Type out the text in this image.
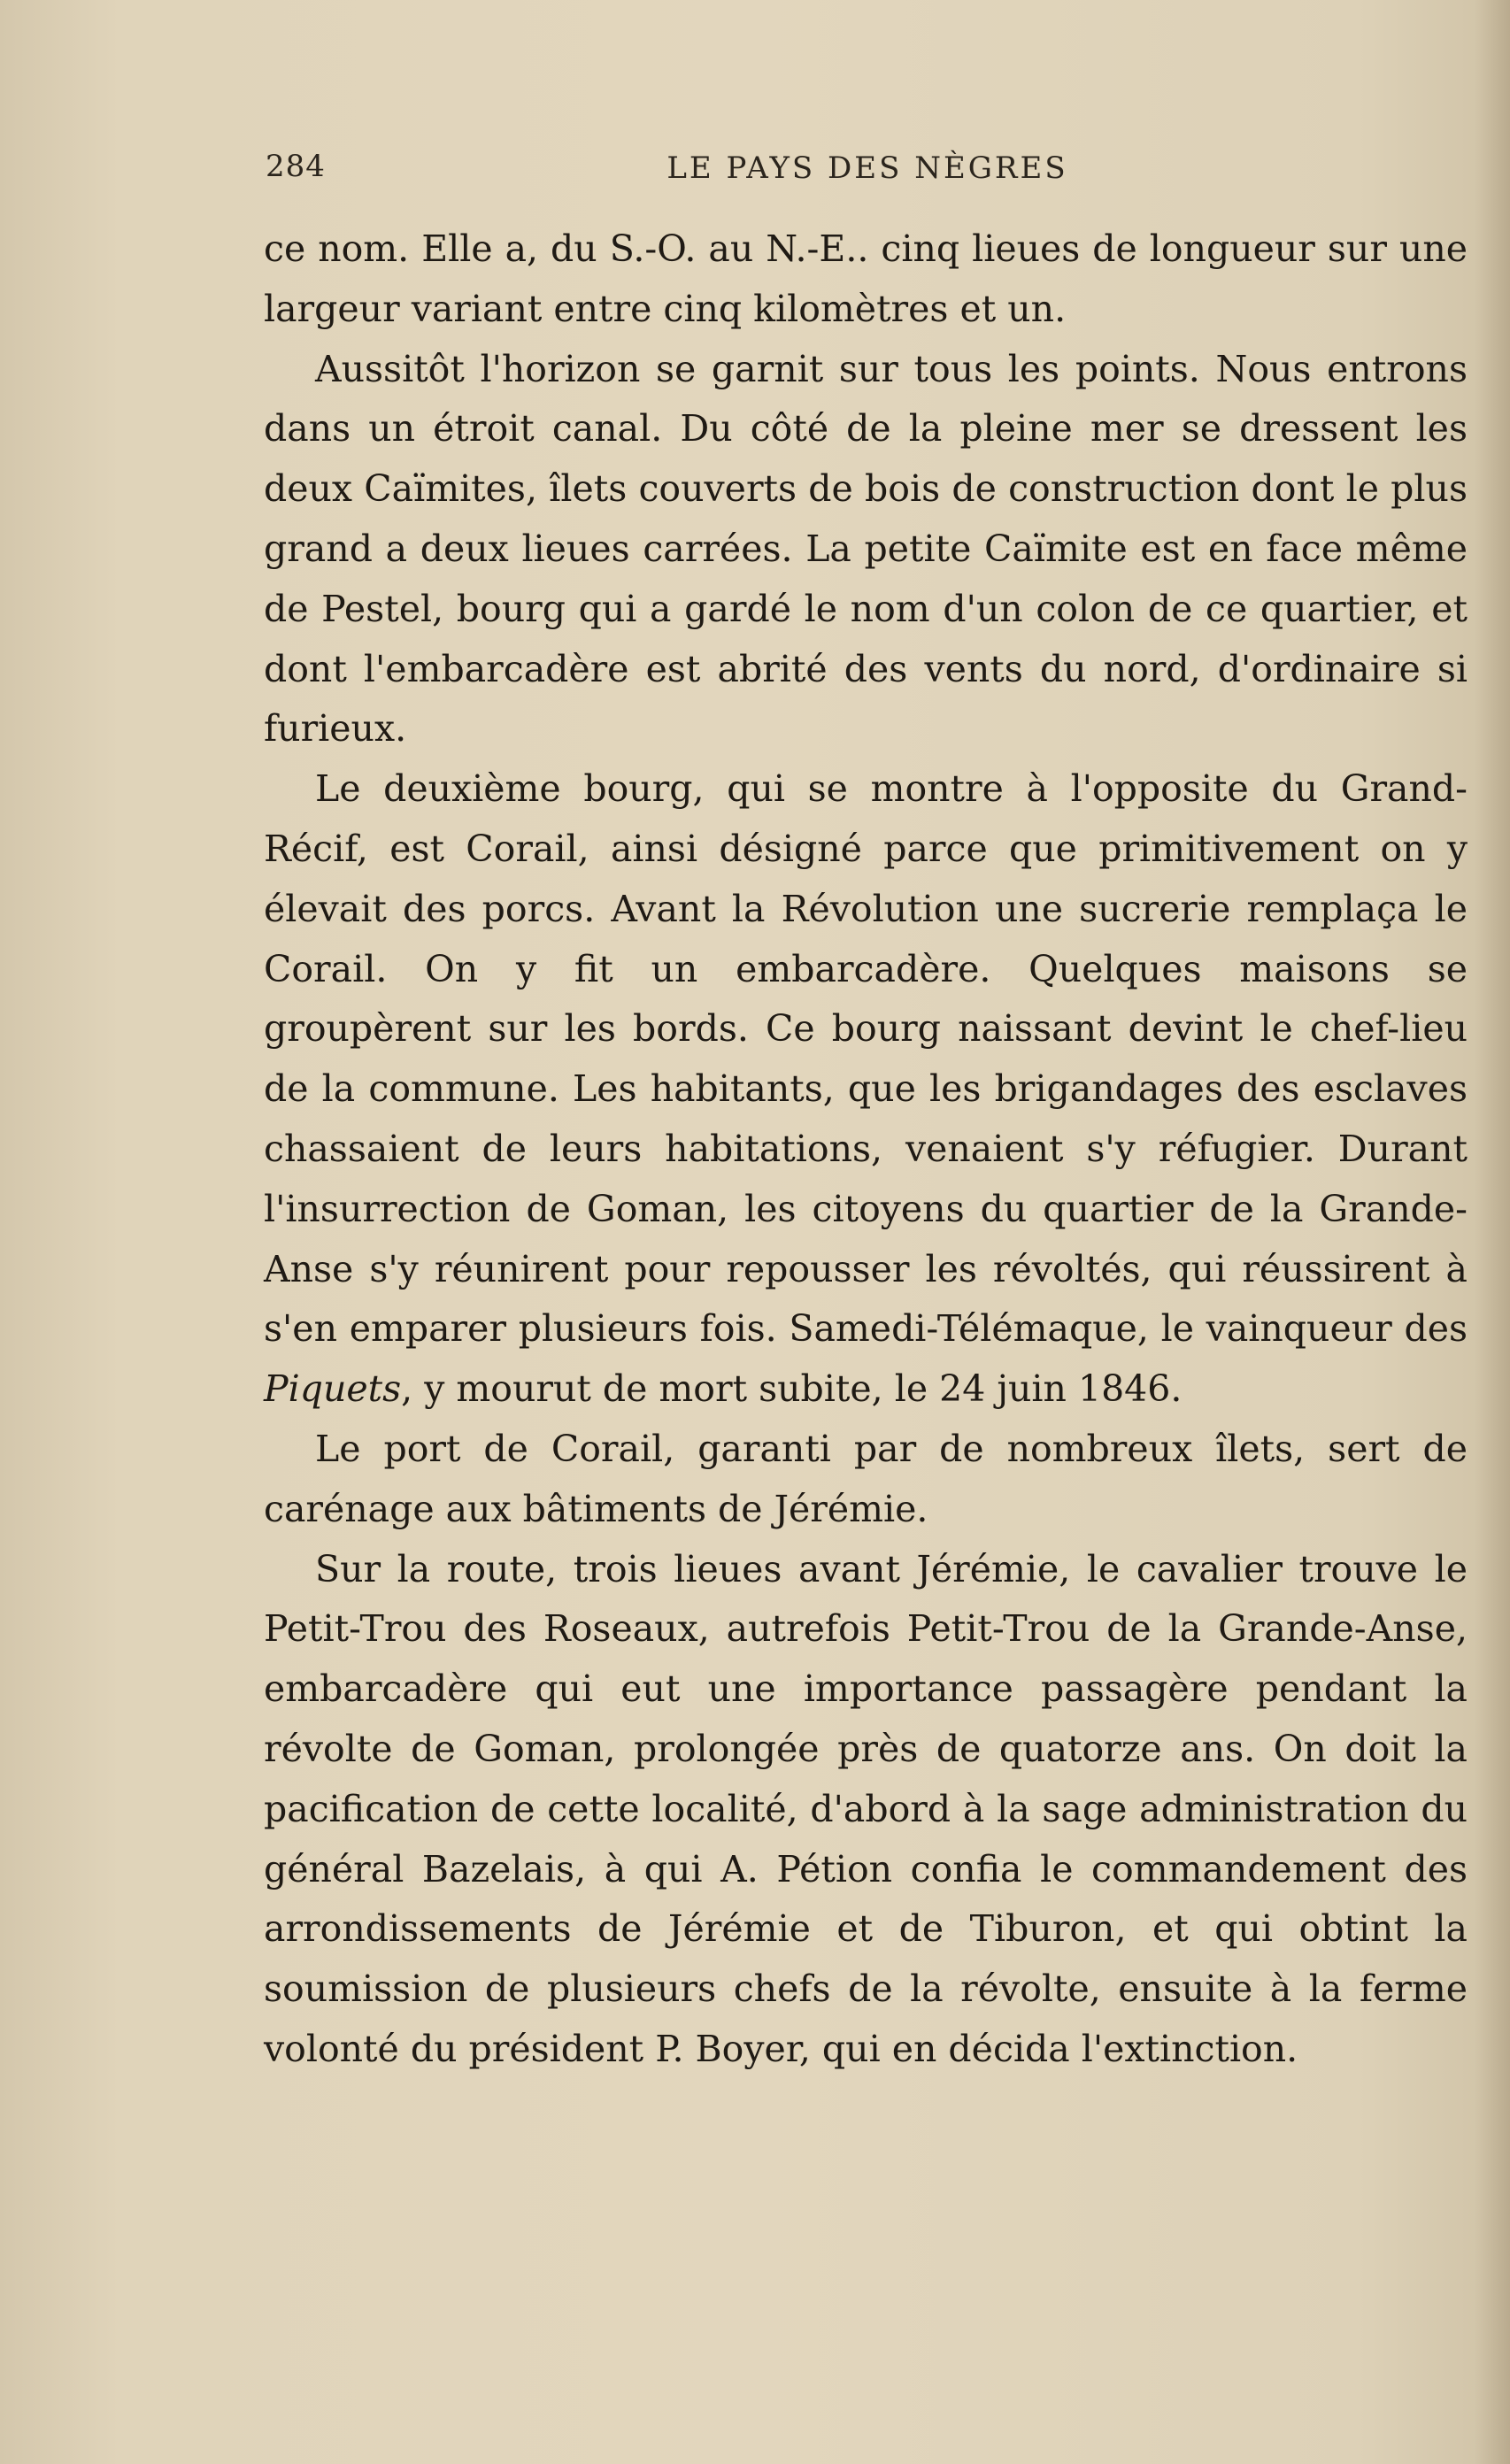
284	LE PAYS DES NÈGRES

ce nom. Elle a, du S.-O. au N.-E.. cinq lieues de longueur sur une largeur variant entre cinq kilomètres et un.

Aussitôt l'horizon se garnit sur tous les points. Nous entrons dans un étroit canal. Du côté de la pleine mer se dressent les deux Caïmites, îlets couverts de bois de construction dont le plus grand a deux lieues carrées. La petite Caïmite est en face même de Pestel, bourg qui a gardé le nom d'un colon de ce quartier, et dont l'embarcadère est abrité des vents du nord, d'ordinaire si furieux.

Le deuxième bourg, qui se montre à l'opposite du Grand-Récif, est Corail, ainsi désigné parce que primitivement on y élevait des porcs. Avant la Révolution une sucrerie remplaça le Corail. On y fit un embarcadère. Quelques maisons se groupèrent sur les bords. Ce bourg naissant devint le chef-lieu de la commune. Les habitants, que les brigandages des esclaves chassaient de leurs habitations, venaient s'y réfugier. Durant l'insurrection de Goman, les citoyens du quartier de la Grande-Anse s'y réunirent pour repousser les révoltés, qui réussirent à s'en emparer plusieurs fois. Samedi-Télémaque, le vainqueur des Piquets, y mourut de mort subite, le 24 juin 1846.

Le port de Corail, garanti par de nombreux îlets, sert de carénage aux bâtiments de Jérémie.

Sur la route, trois lieues avant Jérémie, le cavalier trouve le Petit-Trou des Roseaux, autrefois Petit-Trou de la Grande-Anse, embarcadère qui eut une importance passagère pendant la révolte de Goman, prolongée près de quatorze ans. On doit la pacification de cette localité, d'abord à la sage administration du général Bazelais, à qui A. Pétion confia le commandement des arrondissements de Jérémie et de Tiburon, et qui obtint la soumission de plusieurs chefs de la révolte, ensuite à la ferme volonté du président P. Boyer, qui en décida l'extinction.
